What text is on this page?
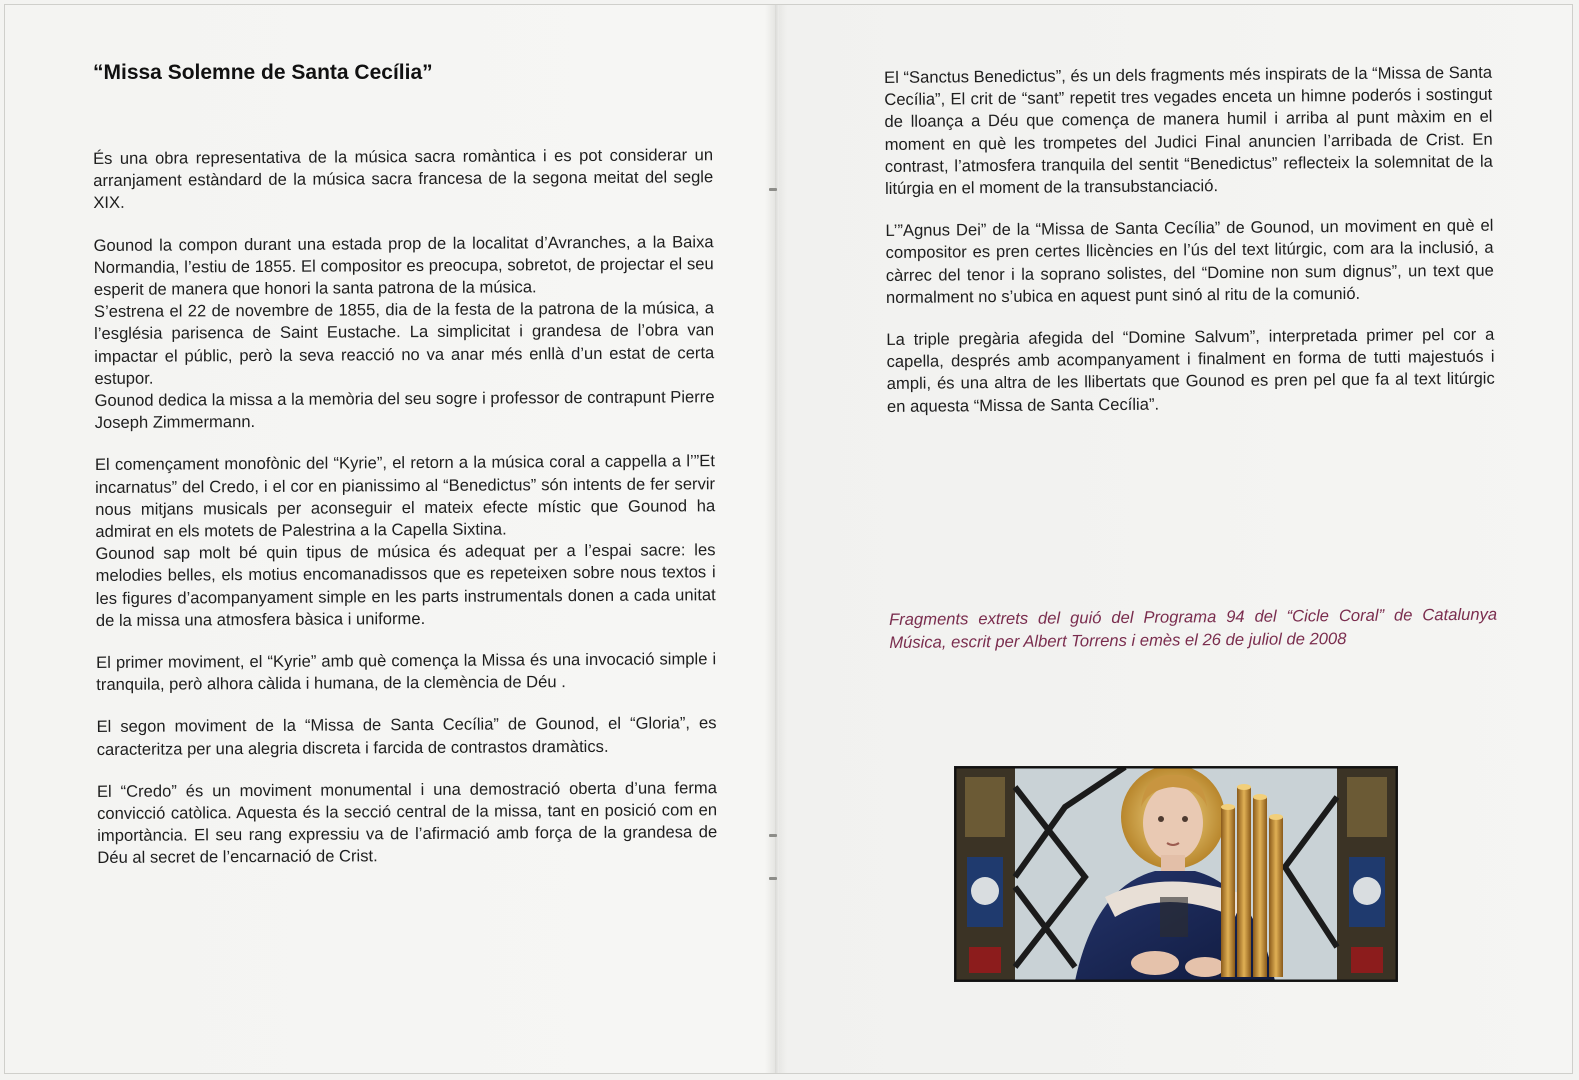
“Missa Solemne de Santa Cecília”

És una obra representativa de la música sacra romàntica i es pot considerar un arranjament estàndard de la música sacra francesa de la segona meitat del segle XIX.

Gounod la compon durant una estada prop de la localitat d’Avranches, a la Baixa Normandia, l’estiu de 1855. El compositor es preocupa, sobretot, de projectar el seu esperit de manera que honori la santa patrona de la música.

S’estrena el 22 de novembre de 1855, dia de la festa de la patrona de la música, a l’església parisenca de Saint Eustache. La simplicitat i grandesa de l’obra van impactar el públic, però la seva reacció no va anar més enllà d’un estat de certa estupor.

Gounod dedica la missa a la memòria del seu sogre i professor de contrapunt Pierre Joseph Zimmermann.

El començament monofònic del “Kyrie”, el retorn a la música coral a cappella a l’”Et incarnatus” del Credo, i el cor en pianissimo al “Benedictus” són intents de fer servir nous mitjans musicals per aconseguir el mateix efecte místic que Gounod ha admirat en els motets de Palestrina a la Capella Sixtina.

Gounod sap molt bé quin tipus de música és adequat per a l’espai sacre: les melodies belles, els motius encomanadissos que es repeteixen sobre nous textos i les figures d’acompanyament simple en les parts instrumentals donen a cada unitat de la missa una atmosfera bàsica i uniforme.

El primer moviment, el “Kyrie” amb què comença la Missa és una invocació simple i tranquila, però alhora càlida i humana, de la clemència de Déu .

El segon moviment de la “Missa de Santa Cecília” de Gounod, el “Gloria”, es caracteritza per una alegria discreta i farcida de contrastos dramàtics.

El “Credo” és un moviment monumental i una demostració oberta d’una ferma convicció catòlica. Aquesta és la secció central de la missa, tant en posició com en importància. El seu rang expressiu va de l’afirmació amb força de la grandesa de Déu al secret de l’encarnació de Crist.

El “Sanctus Benedictus”, és un dels fragments més inspirats de la “Missa de Santa Cecília”, El crit de “sant” repetit tres vegades enceta un himne poderós i sostingut de lloança a Déu que comença de manera humil i arriba al punt màxim en el moment en què les trompetes del Judici Final anuncien l’arribada de Crist. En contrast, l’atmosfera tranquila del sentit “Benedictus” reflecteix la solemnitat de la litúrgia en el moment de la transubstanciació.

L’”Agnus Dei” de la “Missa de Santa Cecília” de Gounod, un moviment en què el compositor es pren certes llicències en l’ús del text litúrgic, com ara la inclusió, a càrrec del tenor i la soprano solistes, del “Domine non sum dignus”, un text que normalment no s’ubica en aquest punt sinó al ritu de la comunió.

La triple pregària afegida del “Domine Salvum”, interpretada primer pel cor a capella, després amb acompanyament i finalment en forma de tutti majestuós i ampli, és una altra de les llibertats que Gounod es pren pel que fa al text litúrgic en aquesta “Missa de Santa Cecília”.

Fragments extrets del guió del Programa 94 del “Cicle Coral” de Catalunya Música, escrit per Albert Torrens i emès el 26 de juliol de 2008
